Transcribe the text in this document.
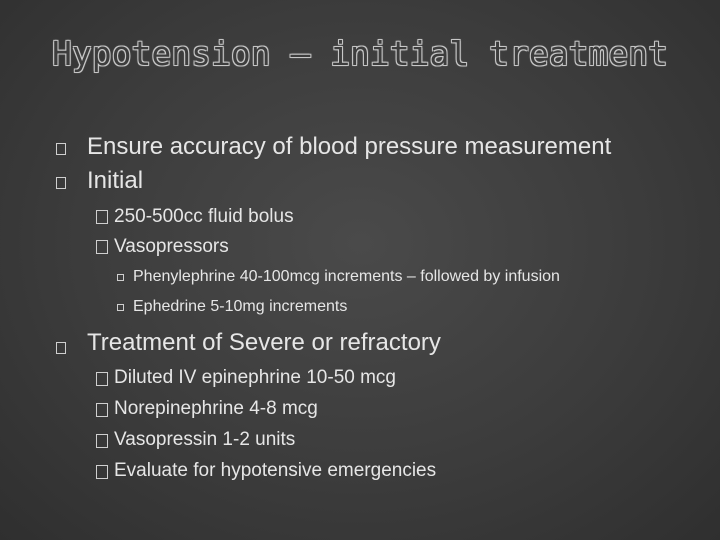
Hypotension – initial treatment
Ensure accuracy of blood pressure measurement
Initial
250-500cc fluid bolus
Vasopressors
Phenylephrine 40-100mcg increments – followed by infusion
Ephedrine 5-10mg increments
Treatment of Severe or refractory
Diluted IV epinephrine 10-50 mcg
Norepinephrine 4-8 mcg
Vasopressin 1-2 units
Evaluate for hypotensive emergencies
